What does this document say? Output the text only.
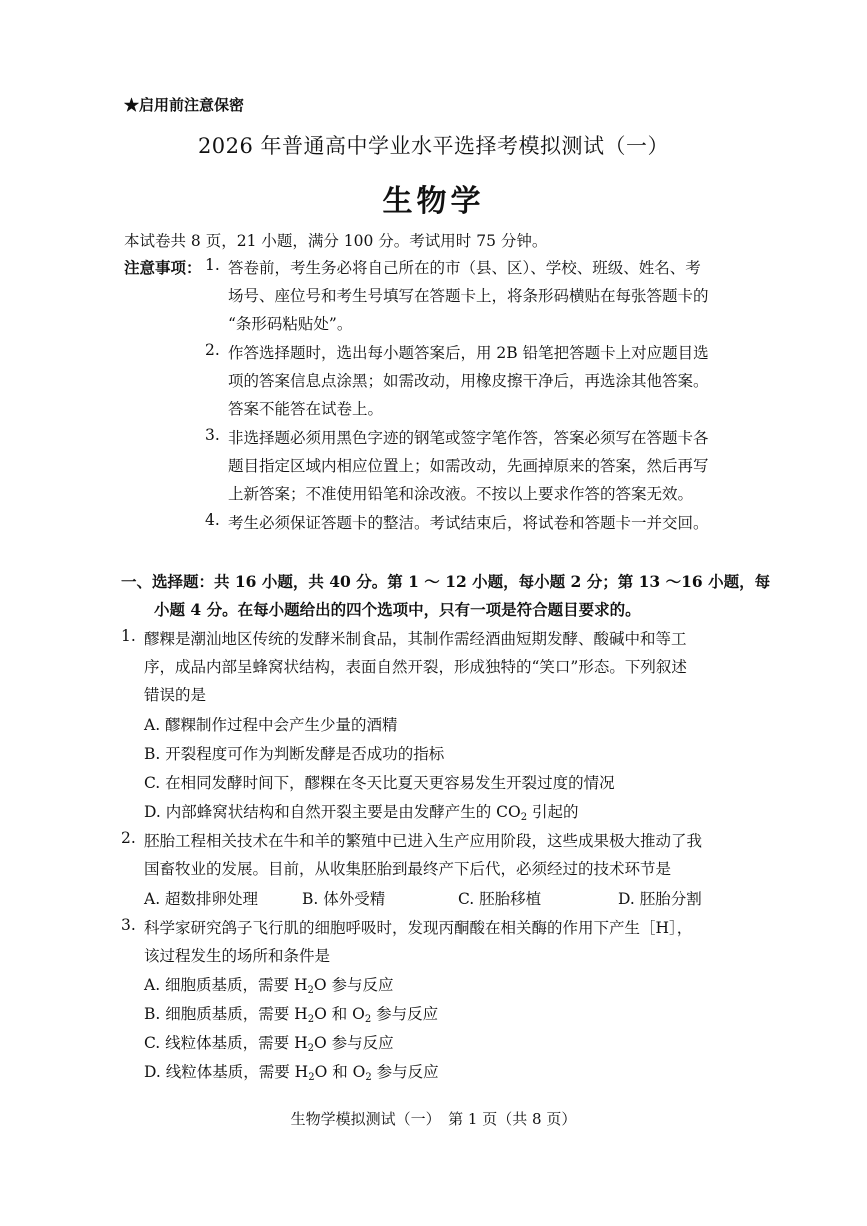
★启用前注意保密
2026 年普通高中学业水平选择考模拟测试（一）
生物学
本试卷共 8 页，21 小题，满分 100 分。考试用时 75 分钟。
注意事项： 1. 答卷前，考生务必将自己所在的市（县、区）、学校、班级、姓名、考
场号、座位号和考生号填写在答题卡上，将条形码横贴在每张答题卡的
“条形码粘贴处”。
2. 作答选择题时，选出每小题答案后，用 2B 铅笔把答题卡上对应题目选
项的答案信息点涂黑；如需改动，用橡皮擦干净后，再选涂其他答案。
答案不能答在试卷上。
3. 非选择题必须用黑色字迹的钢笔或签字笔作答，答案必须写在答题卡各
题目指定区域内相应位置上；如需改动，先画掉原来的答案，然后再写
上新答案；不准使用铅笔和涂改液。不按以上要求作答的答案无效。
4. 考生必须保证答题卡的整洁。考试结束后，将试卷和答题卡一并交回。
一、选择题：共 16 小题，共 40 分。第 1 ～ 12 小题，每小题 2 分；第 13 ～16 小题，每
小题 4 分。在每小题给出的四个选项中，只有一项是符合题目要求的。
1. 醪粿是潮汕地区传统的发酵米制食品，其制作需经酒曲短期发酵、酸碱中和等工
序，成品内部呈蜂窝状结构，表面自然开裂，形成独特的“笑口”形态。下列叙述
错误的是
A. 醪粿制作过程中会产生少量的酒精
B. 开裂程度可作为判断发酵是否成功的指标
C. 在相同发酵时间下，醪粿在冬天比夏天更容易发生开裂过度的情况
D. 内部蜂窝状结构和自然开裂主要是由发酵产生的 $CO_2$ 引起的
2. 胚胎工程相关技术在牛和羊的繁殖中已进入生产应用阶段，这些成果极大推动了我
国畜牧业的发展。目前，从收集胚胎到最终产下后代，必须经过的技术环节是
A. 超数排卵处理	B. 体外受精	C. 胚胎移植	D. 胚胎分割
3. 科学家研究鸽子飞行肌的细胞呼吸时，发现丙酮酸在相关酶的作用下产生［H］，
该过程发生的场所和条件是
A. 细胞质基质，需要 $H_2O$ 参与反应
B. 细胞质基质，需要 $H_2O$ 和 $O_2$ 参与反应
C. 线粒体基质，需要 $H_2O$ 参与反应
D. 线粒体基质，需要 $H_2O$ 和 $O_2$ 参与反应
生物学模拟测试（一）　第 1 页（共 8 页）
